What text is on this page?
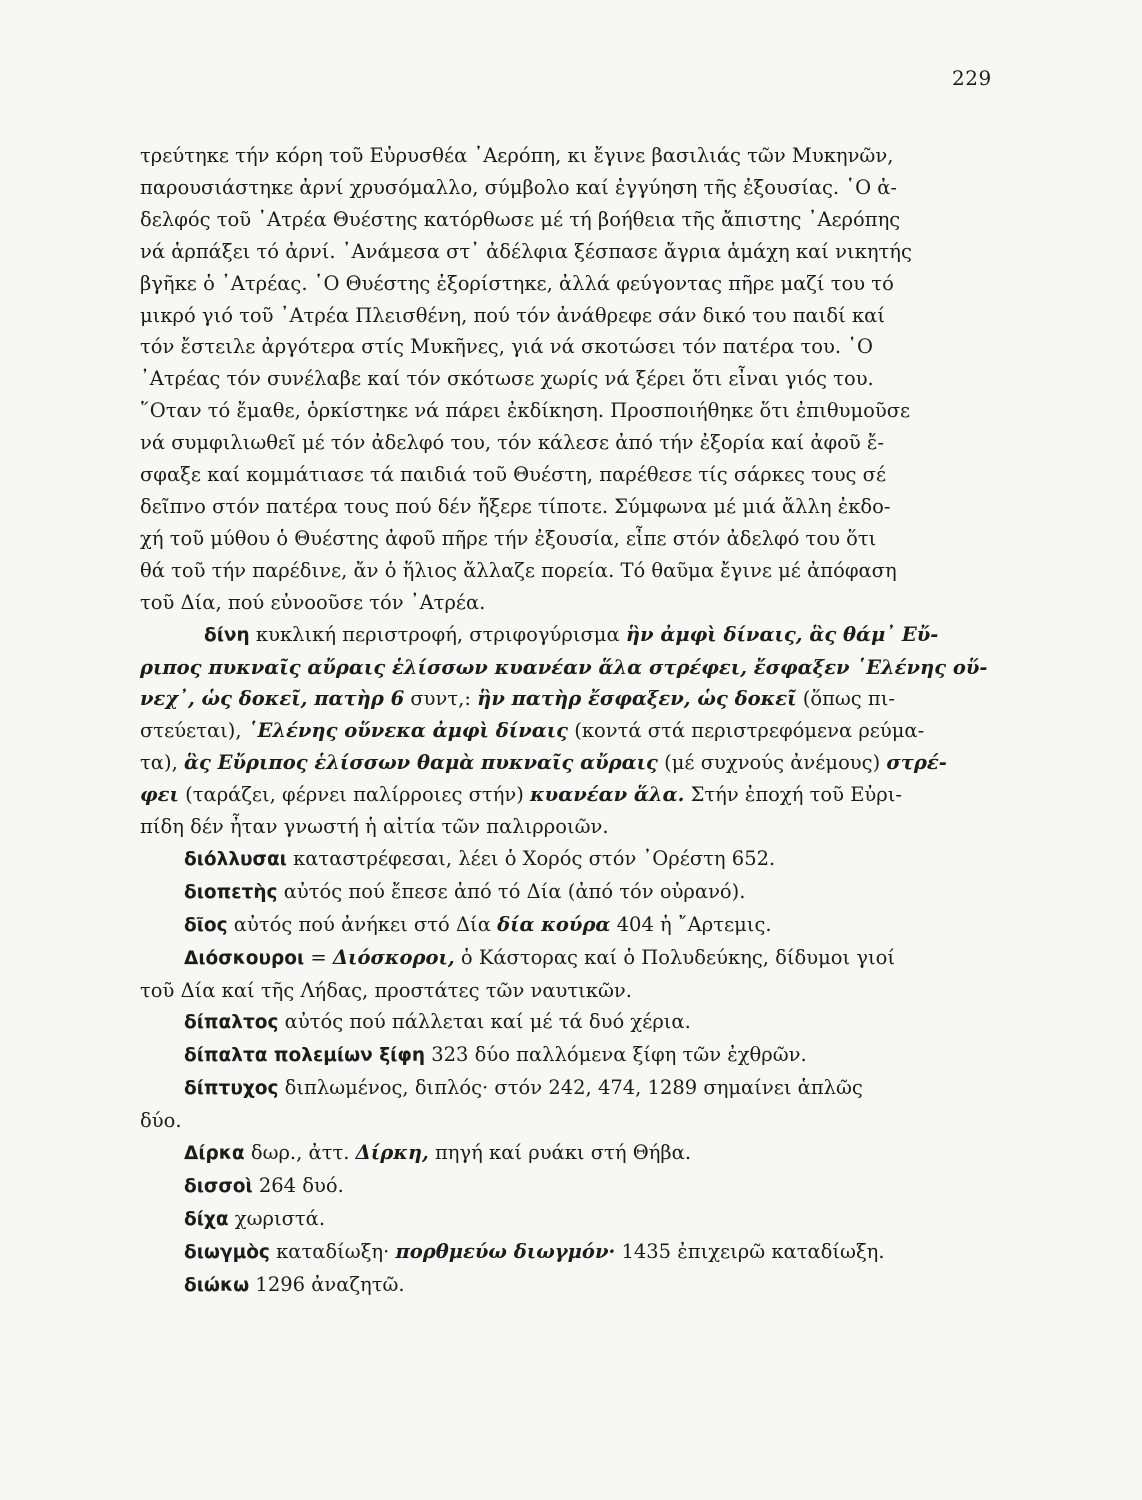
229

τρεύτηκε τήν κόρη τοῦ Εὐρυσθέα ᾿Αερόπη, κι ἔγινε βασιλιάς τῶν Μυκηνῶν,
παρουσιάστηκε ἀρνί χρυσόμαλλο, σύμβολο καί ἐγγύηση τῆς ἐξουσίας. ῾Ο ἀ-
δελφός τοῦ ᾿Ατρέα Θυέστης κατόρθωσε μέ τή βοήθεια τῆς ἄπιστης ᾿Αερόπης
νά ἁρπάξει τό ἀρνί. ᾿Ανάμεσα στ᾿ ἀδέλφια ξέσπασε ἄγρια ἁμάχη καί νικητής
βγῆκε ὁ ᾿Ατρέας. ῾Ο Θυέστης ἐξορίστηκε, ἀλλά φεύγοντας πῆρε μαζί του τό
μικρό γιό τοῦ ᾿Ατρέα Πλεισθένη, πού τόν ἀνάθρεφε σάν δικό του παιδί καί
τόν ἔστειλε ἀργότερα στίς Μυκῆνες, γιά νά σκοτώσει τόν πατέρα του. ῾Ο
᾿Ατρέας τόν συνέλαβε καί τόν σκότωσε χωρίς νά ξέρει ὅτι εἶναι γιός του.
῞Οταν τό ἔμαθε, ὁρκίστηκε νά πάρει ἐκδίκηση. Προσποιήθηκε ὅτι ἐπιθυμοῦσε
νά συμφιλιωθεῖ μέ τόν ἀδελφό του, τόν κάλεσε ἀπό τήν ἐξορία καί ἀφοῦ ἔ-
σφαξε καί κομμάτιασε τά παιδιά τοῦ Θυέστη, παρέθεσε τίς σάρκες τους σέ
δεῖπνο στόν πατέρα τους πού δέν ἤξερε τίποτε. Σύμφωνα μέ μιά ἄλλη ἐκδο-
χή τοῦ μύθου ὁ Θυέστης ἀφοῦ πῆρε τήν ἐξουσία, εἶπε στόν ἀδελφό του ὅτι
θά τοῦ τήν παρέδινε, ἄν ὁ ἥλιος ἄλλαζε πορεία. Τό θαῦμα ἔγινε μέ ἀπόφαση
τοῦ Δία, πού εὐνοοῦσε τόν ᾿Ατρέα.

δίνη κυκλική περιστροφή, στριφογύρισμα ἣν ἀμφὶ δίναις, ἃς θάμ᾿ Εὔ-
ριπος πυκναῖς αὔραις ἑλίσσων κυανέαν ἅλα στρέφει, ἔσφαξεν ῾Ελένης οὕ-
νεχ᾿, ὡς δοκεῖ, πατὴρ 6 συντ,: ἣν πατὴρ ἔσφαξεν, ὡς δοκεῖ (ὅπως πι-
στεύεται), ῾Ελένης οὕνεκα ἀμφὶ δίναις (κοντά στά περιστρεφόμενα ρεύμα-
τα), ἃς Εὔριπος ἑλίσσων θαμὰ πυκναῖς αὔραις (μέ συχνούς ἀνέμους) στρέ-
φει (ταράζει, φέρνει παλίρροιες στήν) κυανέαν ἅλα. Στήν ἐποχή τοῦ Εὐρι-
πίδη δέν ἦταν γνωστή ἡ αἰτία τῶν παλιρροιῶν.
διόλλυσαι καταστρέφεσαι, λέει ὁ Χορός στόν ᾿Ορέστη 652.
διοπετὴς αὐτός πού ἔπεσε ἀπό τό Δία (ἀπό τόν οὐρανό).
δῖος αὐτός πού ἀνήκει στό Δία δία κούρα 404 ἡ ῎Αρτεμις.
Διόσκουροι = Διόσκοροι, ὁ Κάστορας καί ὁ Πολυδεύκης, δίδυμοι γιοί
τοῦ Δία καί τῆς Λήδας, προστάτες τῶν ναυτικῶν.
δίπαλτος αὐτός πού πάλλεται καί μέ τά δυό χέρια.
δίπαλτα πολεμίων ξίφη 323 δύο παλλόμενα ξίφη τῶν ἐχθρῶν.
δίπτυχος διπλωμένος, διπλός· στόν 242, 474, 1289 σημαίνει ἁπλῶς
δύο.
Δίρκα δωρ., ἀττ. Δίρκη, πηγή καί ρυάκι στή Θήβα.
δισσοὶ 264 δυό.
δίχα χωριστά.
διωγμὸς καταδίωξη· πορθμεύω διωγμόν· 1435 ἐπιχειρῶ καταδίωξη.
διώκω 1296 ἀναζητῶ.
